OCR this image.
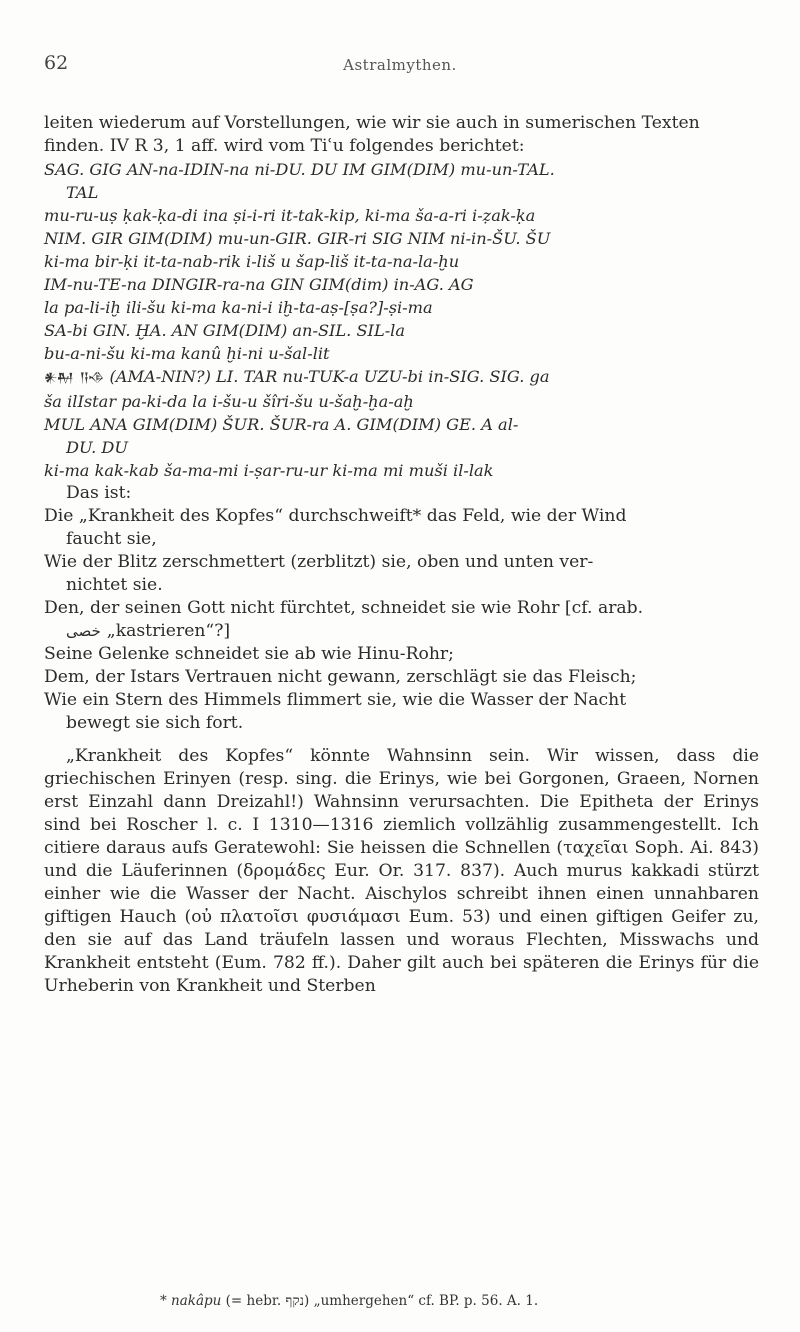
62	Astralmythen.

leiten wiederum auf Vorstellungen, wie wir sie auch in sumerischen Texten finden. IV R 3, 1 aff. wird vom Tiʿu folgendes berichtet:

SAG. GIG AN-na-IDIN-na ni-DU. DU IM GIM(DIM) mu-un-TAL.
TAL
mu-ru-uṣ ḳak-ḳa-di ina ṣi-i-ri it-tak-kip, ki-ma ša-a-ri i-ẓak-ḳa
NIM. GIR GIM(DIM) mu-un-GIR. GIR-ri SIG NIM ni-in-ŠU. ŠU
ki-ma bir-ḳi it-ta-nab-rik i-liš u šap-liš it-ta-na-la-ḫu
IM-nu-TE-na DINGIR-ra-na GIN GIM(dim) in-AG. AG
la pa-li-iḫ ili-šu ki-ma ka-ni-i iḫ-ta-aṣ-[ṣa?]-ṣi-ma
SA-bi GIN. ḪA. AN GIM(DIM) an-SIL. SIL-la
bu-a-ni-šu ki-ma kanû ḫi-ni u-šal-lit
𒀭𒈹 𒀀𒈾 (AMA-NIN?) LI. TAR nu-TUK-a UZU-bi in-SIG. SIG. ga
ša ilIstar pa-ki-da la i-šu-u šîri-šu u-šaḫ-ḫa-aḫ
MUL ANA GIM(DIM) ŠUR. ŠUR-ra A. GIM(DIM) GE. A al-
DU. DU
ki-ma kak-kab ša-ma-mi i-ṣar-ru-ur ki-ma mi muši il-lak

Das ist:

Die „Krankheit des Kopfes“ durchschweift* das Feld, wie der Wind
faucht sie,

Wie der Blitz zerschmettert (zerblitzt) sie, oben und unten ver-
nichtet sie.

Den, der seinen Gott nicht fürchtet, schneidet sie wie Rohr [cf. arab.

خصى „kastrieren“?]

Seine Gelenke schneidet sie ab wie Hinu-Rohr;

Dem, der Istars Vertrauen nicht gewann, zerschlägt sie das Fleisch;

Wie ein Stern des Himmels flimmert sie, wie die Wasser der Nacht
bewegt sie sich fort.

„Krankheit des Kopfes“ könnte Wahnsinn sein. Wir wissen, dass die griechischen Erinyen (resp. sing. die Erinys, wie bei Gorgonen, Graeen, Nornen erst Einzahl dann Dreizahl!) Wahnsinn verursachten. Die Epitheta der Erinys sind bei Roscher l. c. I 1310—1316 ziemlich vollzählig zusammengestellt. Ich citiere daraus aufs Geratewohl: Sie heissen die Schnellen (ταχεῖαι Soph. Ai. 843) und die Läuferinnen (δρομάδες Eur. Or. 317. 837). Auch murus kakkadi stürzt einher wie die Wasser der Nacht. Aischylos schreibt ihnen einen unnahbaren giftigen Hauch (οὐ πλατοῖσι φυσιάμασι Eum. 53) und einen giftigen Geifer zu, den sie auf das Land träufeln lassen und woraus Flechten, Misswachs und Krankheit entsteht (Eum. 782 ff.). Daher gilt auch bei späteren die Erinys für die Urheberin von Krankheit und Sterben

* nakâpu (= hebr. נקף) „umhergehen“ cf. BP. p. 56. A. 1.
